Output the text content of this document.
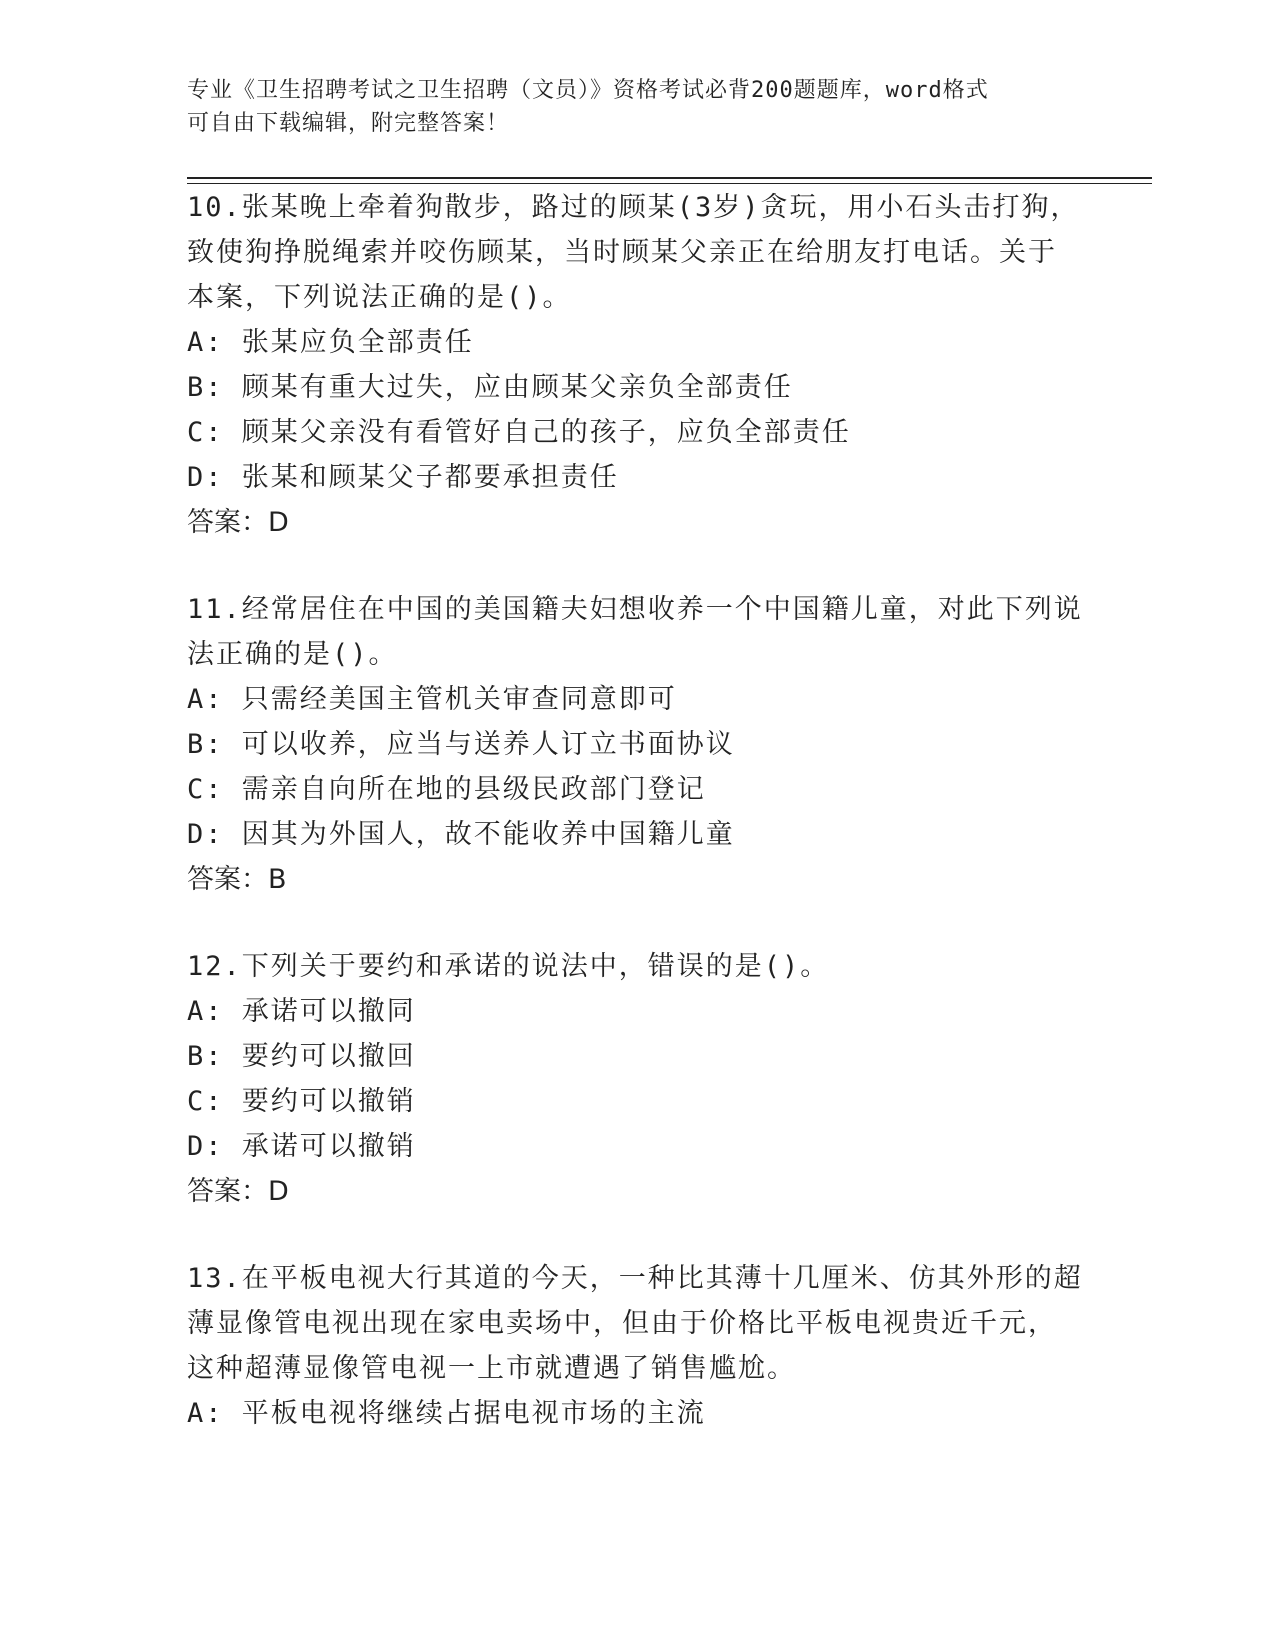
专业《卫生招聘考试之卫生招聘（文员）》资格考试必背200题题库，word格式
可自由下载编辑，附完整答案！

10.张某晚上牵着狗散步，路过的顾某(3岁)贪玩，用小石头击打狗，
致使狗挣脱绳索并咬伤顾某，当时顾某父亲正在给朋友打电话。关于
本案，下列说法正确的是()。

A: 张某应负全部责任

B: 顾某有重大过失，应由顾某父亲负全部责任

C: 顾某父亲没有看管好自己的孩子，应负全部责任

D: 张某和顾某父子都要承担责任

答案：D

11.经常居住在中国的美国籍夫妇想收养一个中国籍儿童，对此下列说
法正确的是()。

A: 只需经美国主管机关审查同意即可

B: 可以收养，应当与送养人订立书面协议

C: 需亲自向所在地的县级民政部门登记

D: 因其为外国人，故不能收养中国籍儿童

答案：B

12.下列关于要约和承诺的说法中，错误的是()。

A: 承诺可以撤同

B: 要约可以撤回

C: 要约可以撤销

D: 承诺可以撤销

答案：D

13.在平板电视大行其道的今天，一种比其薄十几厘米、仿其外形的超
薄显像管电视出现在家电卖场中，但由于价格比平板电视贵近千元，
这种超薄显像管电视一上市就遭遇了销售尴尬。

A: 平板电视将继续占据电视市场的主流
